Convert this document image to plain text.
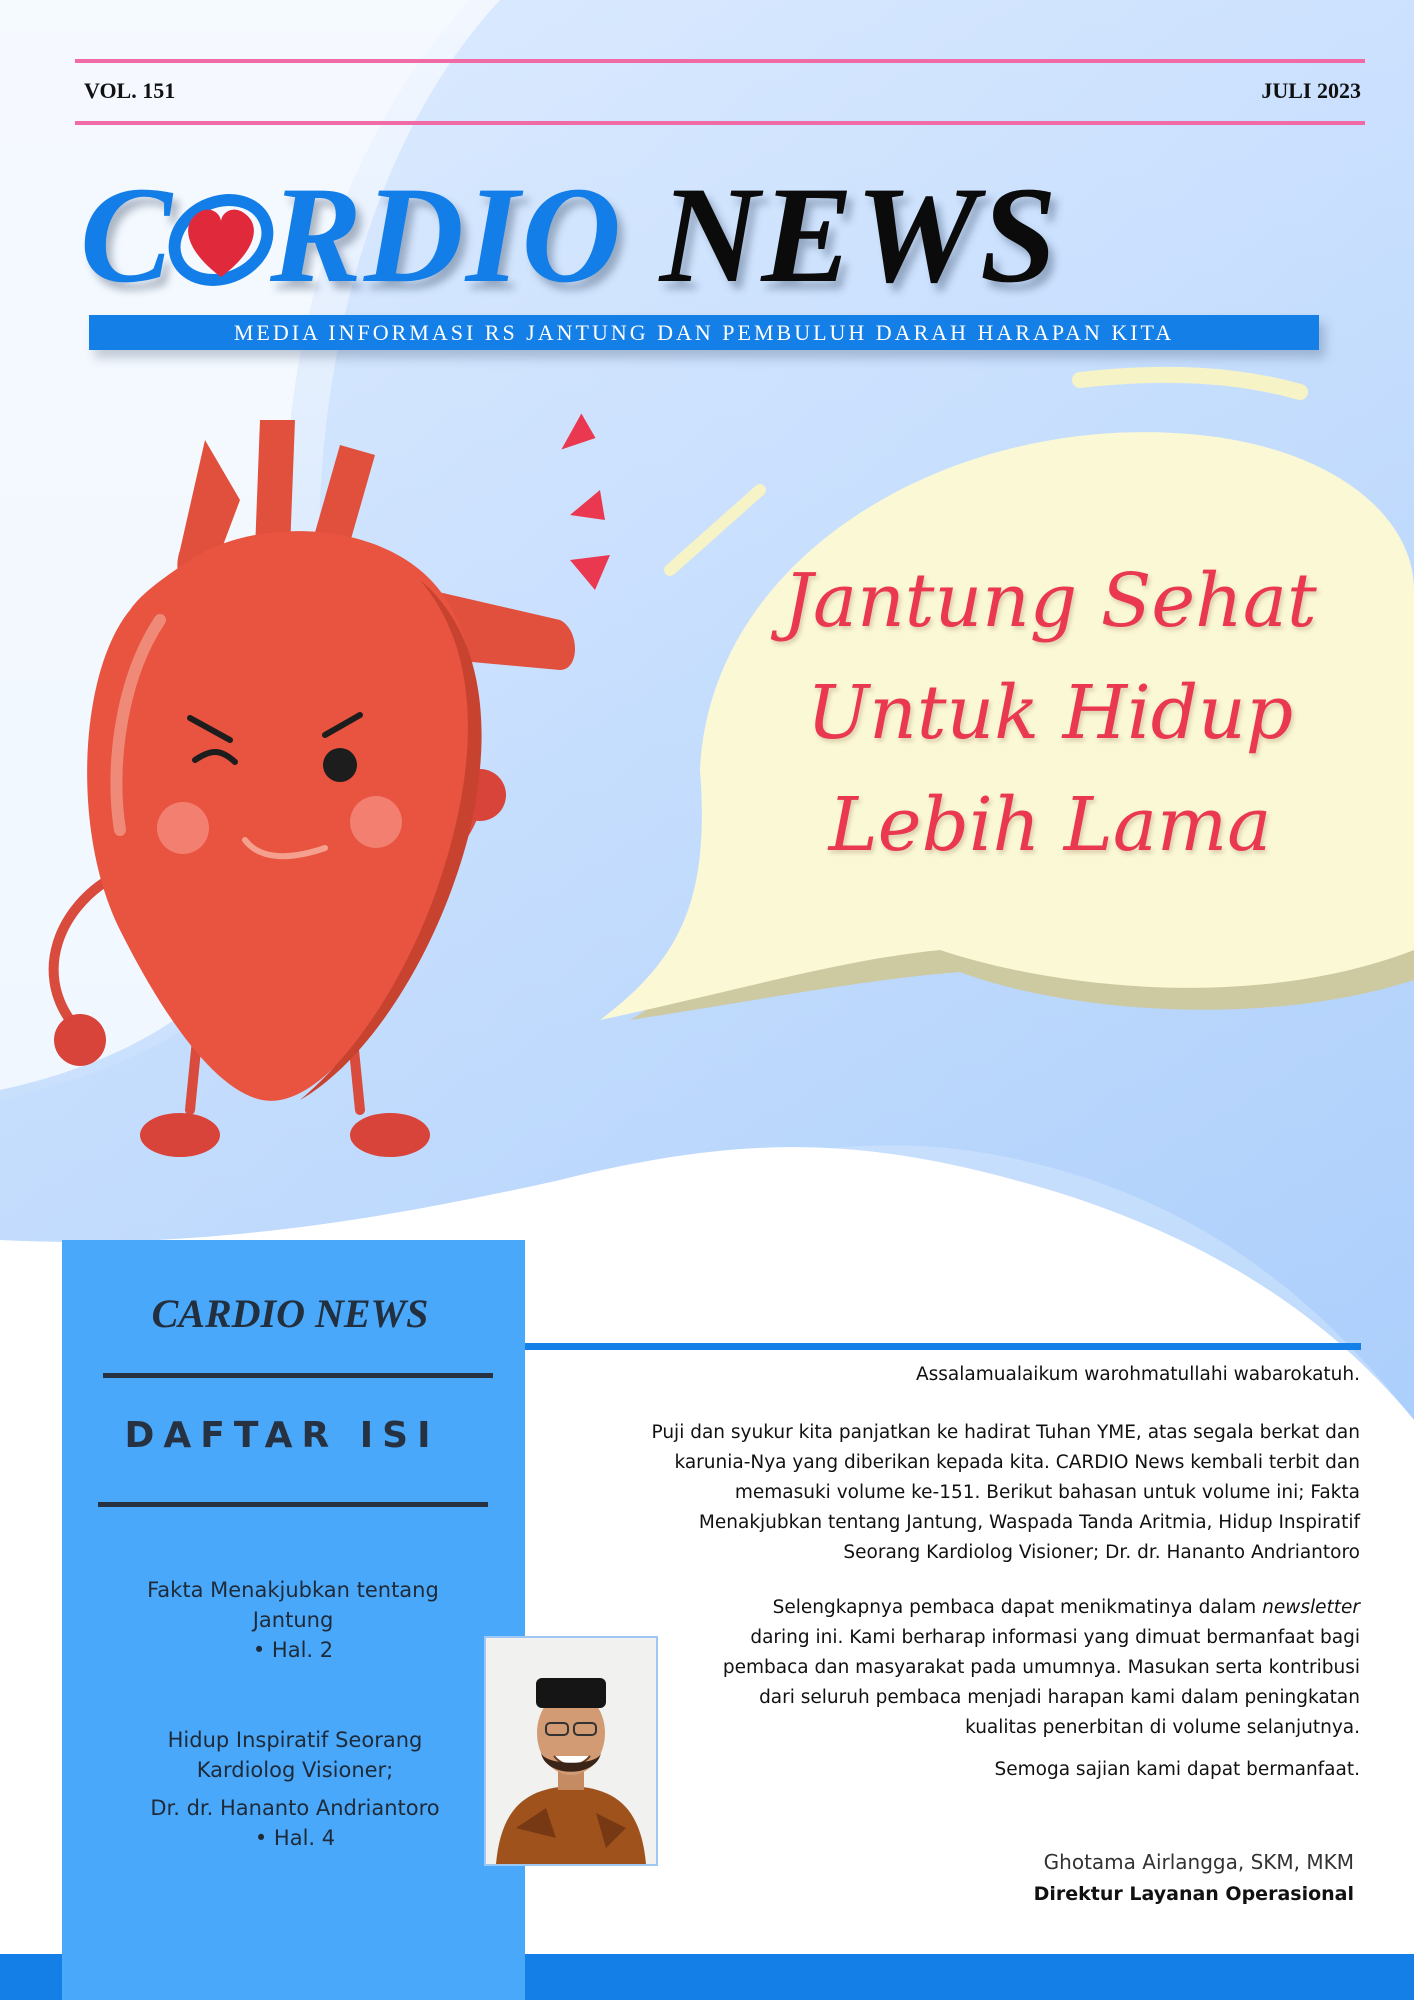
VOL. 151	JULI 2023
C RDIO NEWS
MEDIA INFORMASI RS JANTUNG DAN PEMBULUH DARAH HARAPAN KITA
Jantung Sehat
Untuk Hidup
Lebih Lama
CARDIO NEWS
DAFTAR ISI
Fakta Menakjubkan tentang
Jantung
• Hal. 2
Hidup Inspiratif Seorang
Kardiolog Visioner;
Dr. dr. Hananto Andriantoro
• Hal. 4
Assalamualaikum warohmatullahi wabarokatuh.
Puji dan syukur kita panjatkan ke hadirat Tuhan YME, atas segala berkat dan
karunia-Nya yang diberikan kepada kita. CARDIO News kembali terbit dan
memasuki volume ke-151. Berikut bahasan untuk volume ini; Fakta
Menakjubkan tentang Jantung, Waspada Tanda Aritmia, Hidup Inspiratif
Seorang Kardiolog Visioner; Dr. dr. Hananto Andriantoro
Selengkapnya pembaca dapat menikmatinya dalam newsletter
daring ini. Kami berharap informasi yang dimuat bermanfaat bagi
pembaca dan masyarakat pada umumnya. Masukan serta kontribusi
dari seluruh pembaca menjadi harapan kami dalam peningkatan
kualitas penerbitan di volume selanjutnya.
Semoga sajian kami dapat bermanfaat.
Ghotama Airlangga, SKM, MKM
Direktur Layanan Operasional
